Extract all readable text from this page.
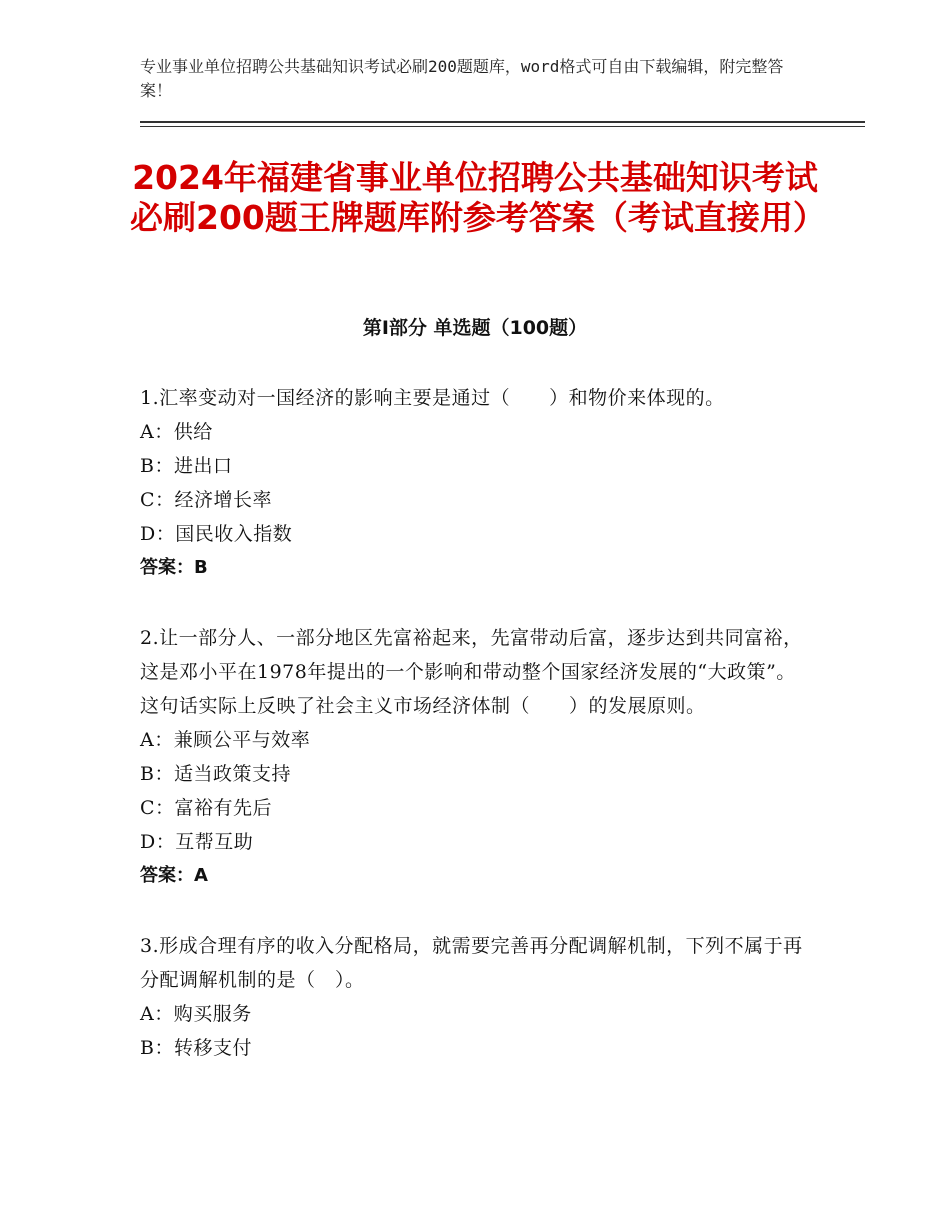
专业事业单位招聘公共基础知识考试必刷200题题库，word格式可自由下载编辑，附完整答案！
2024年福建省事业单位招聘公共基础知识考试必刷200题王牌题库附参考答案（考试直接用）
第Ⅰ部分 单选题（100题）
1.汇率变动对一国经济的影响主要是通过（　　）和物价来体现的。
A：供给
B：进出口
C：经济增长率
D：国民收入指数
答案：B
2.让一部分人、一部分地区先富裕起来，先富带动后富，逐步达到共同富裕，这是邓小平在1978年提出的一个影响和带动整个国家经济发展的“大政策”。这句话实际上反映了社会主义市场经济体制（　　）的发展原则。
A：兼顾公平与效率
B：适当政策支持
C：富裕有先后
D：互帮互助
答案：A
3.形成合理有序的收入分配格局，就需要完善再分配调解机制，下列不属于再分配调解机制的是（　）。
A：购买服务
B：转移支付
